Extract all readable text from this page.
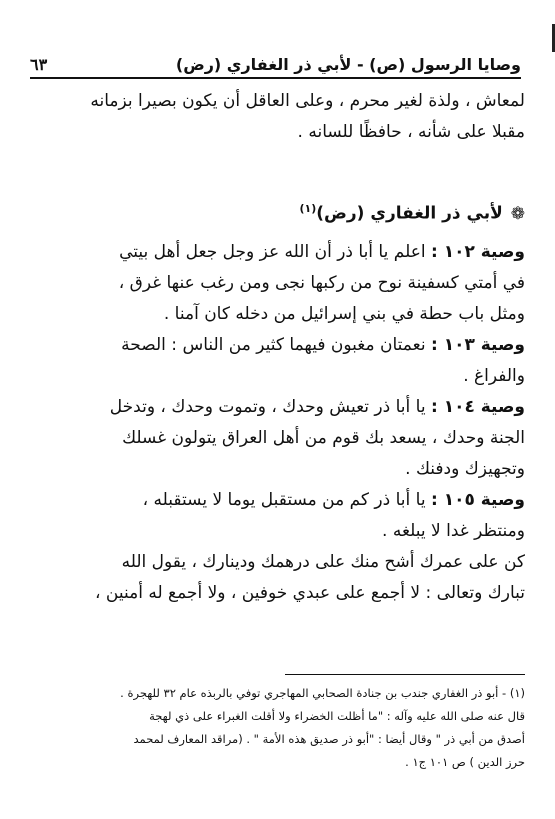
وصايا الرسول (ص) - لأبي ذر الغفاري (رض)
٦٣
لمعاش ، ولذة لغير محرم ، وعلى العاقل أن يكون بصيرا بزمانه
مقبلا على شأنه ، حافظًا للسانه .
❁لأبي ذر الغفاري (رض)$^{(١)}$
وصية ١٠٢ : اعلم يا أبا ذر أن الله عز وجل جعل أهل بيتي
في أمتي كسفينة نوح من ركبها نجى ومن رغب عنها غرق ،
ومثل باب حطة في بني إسرائيل من دخله كان آمنا .
وصية ١٠٣ : نعمتان مغبون فيهما كثير من الناس : الصحة
والفراغ .
وصية ١٠٤ : يا أبا ذر تعيش وحدك ، وتموت وحدك ، وتدخل
الجنة وحدك ، يسعد بك قوم من أهل العراق يتولون غسلك
وتجهيزك ودفنك .
وصية ١٠٥ : يا أبا ذر كم من مستقبل يوما لا يستقبله ،
ومنتظر غدا لا يبلغه .
كن على عمرك أشح منك على درهمك ودينارك ، يقول الله
تبارك وتعالى : لا أجمع على عبدي خوفين ، ولا أجمع له أمنين ،
(١) - أبو ذر الغفاري جندب بن جنادة الصحابي المهاجري توفي بالربذه عام ٣٢ للهجرة .
قال عنه صلى الله عليه وآله : "ما أظلت الخضراء ولا أقلت الغبراء على ذي لهجة
أصدق من أبي ذر " وقال أيضا : "أبو ذر صديق هذه الأمة " . (مراقد المعارف لمحمد
حرز الدين ) ص ١٠١ ج١ .
